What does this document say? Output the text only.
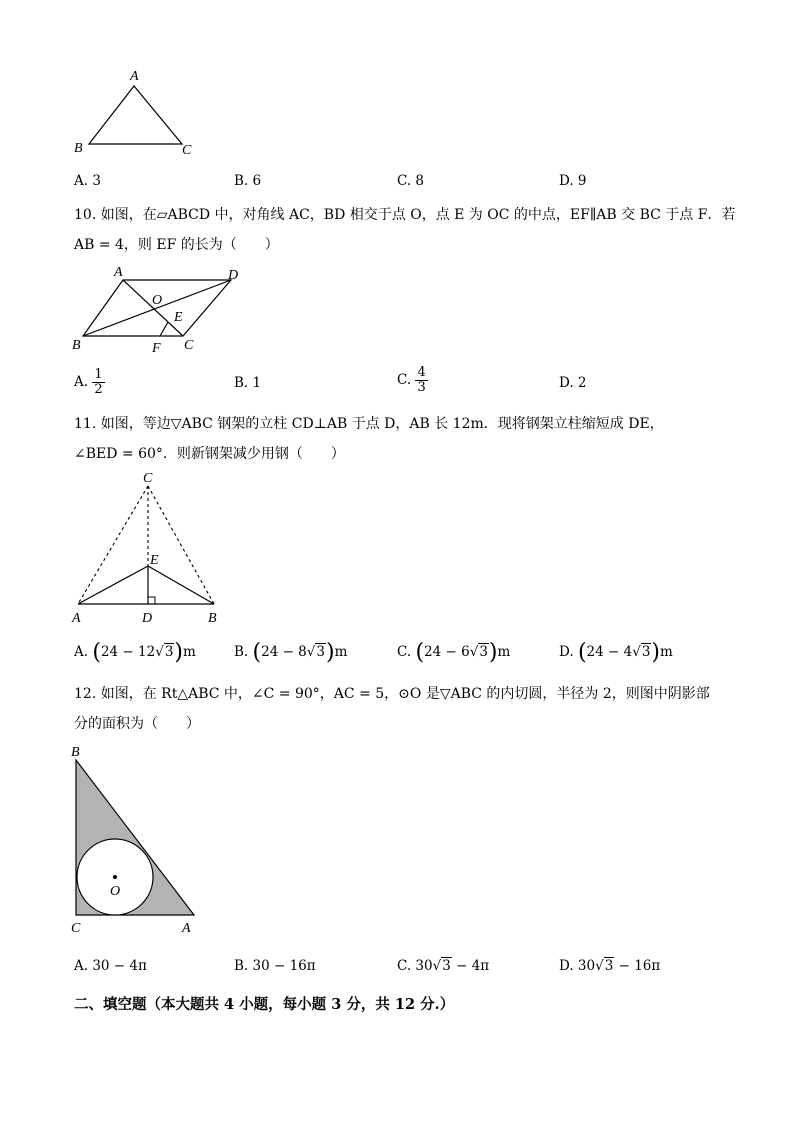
A
B	C
A. 3	B. 6	C. 8	D. 9
10. 如图，在▱ABCD 中，对角线 AC，BD 相交于点 O，点 E 为 OC 的中点，EF∥AB 交 BC 于点 F．若
AB = 4，则 EF 的长为（　　）
A	D
O
E
B	F C
A. $\frac{1}{2}$	B. 1	C. $\frac{4}{3}$	D. 2
11. 如图，等边▽ABC 钢架的立柱 CD⊥AB 于点 D，AB 长 12m．现将钢架立柱缩短成 DE，
∠BED = 60°．则新钢架减少用钢（　　）
C
E
A	D	B
A. (24 − 12√3)m	B. (24 − 8√3)m	C. (24 − 6√3)m	D. (24 − 4√3)m
12. 如图，在 Rt△ABC 中，∠C = 90°，AC = 5，⊙O 是▽ABC 的内切圆，半径为 2，则图中阴影部
分的面积为（　　）
B
O
C	A
A. 30 − 4π	B. 30 − 16π	C. 30√3 − 4π	D. 30√3 − 16π
二、填空题（本大题共 4 小题，每小题 3 分，共 12 分.）
